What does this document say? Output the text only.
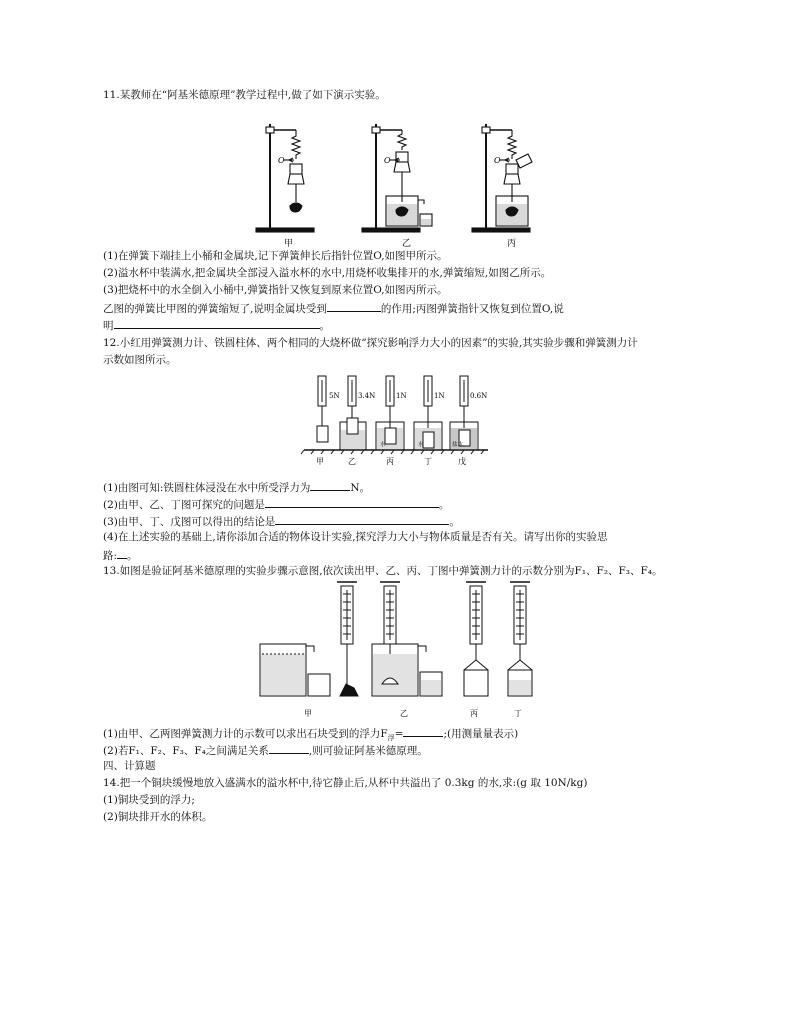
11.某教师在“阿基米德原理”教学过程中,做了如下演示实验。
O	O	O
甲	乙	丙
(1)在弹簧下端挂上小桶和金属块,记下弹簧伸长后指针位置O,如图甲所示。
(2)溢水杯中装满水,把金属块全部浸入溢水杯的水中,用烧杯收集排开的水,弹簧缩短,如图乙所示。
(3)把烧杯中的水全倒入小桶中,弹簧指针又恢复到原来位置O,如图丙所示。
乙图的弹簧比甲图的弹簧缩短了,说明金属块受到	的作用;丙图弹簧指针又恢复到位置O,说
明	。
12.小红用弹簧测力计、铁圆柱体、两个相同的大烧杯做“探究影响浮力大小的因素”的实验,其实验步骤和弹簧测力计
示数如图所示。
5N	3.4N	1N	1N	0.6N
水	水	盐水
甲	乙	丙	丁	戊
(1)由图可知:铁圆柱体浸没在水中所受浮力为	N。
(2)由甲、乙、丁图可探究的问题是	。
(3)由甲、丁、戊图可以得出的结论是	。
(4)在上述实验的基础上,请你添加合适的物体设计实验,探究浮力大小与物体质量是否有关。请写出你的实验思
路: 。
13.如图是验证阿基米德原理的实验步骤示意图,依次读出甲、乙、丙、丁图中弹簧测力计的示数分别为F₁、F₂、F₃、F₄。
甲	乙	丙	丁
(1)由甲、乙两图弹簧测力计的示数可以求出石块受到的浮力$F_浮=$	;(用测量量表示)
(2)若F₁、F₂、F₃、F₄之间满足关系	,则可验证阿基米德原理。
四、计算题
14.把一个铜块缓慢地放入盛满水的溢水杯中,待它静止后,从杯中共溢出了 0.3kg 的水,求:(g 取 10N/kg)
(1)铜块受到的浮力;
(2)铜块排开水的体积。
